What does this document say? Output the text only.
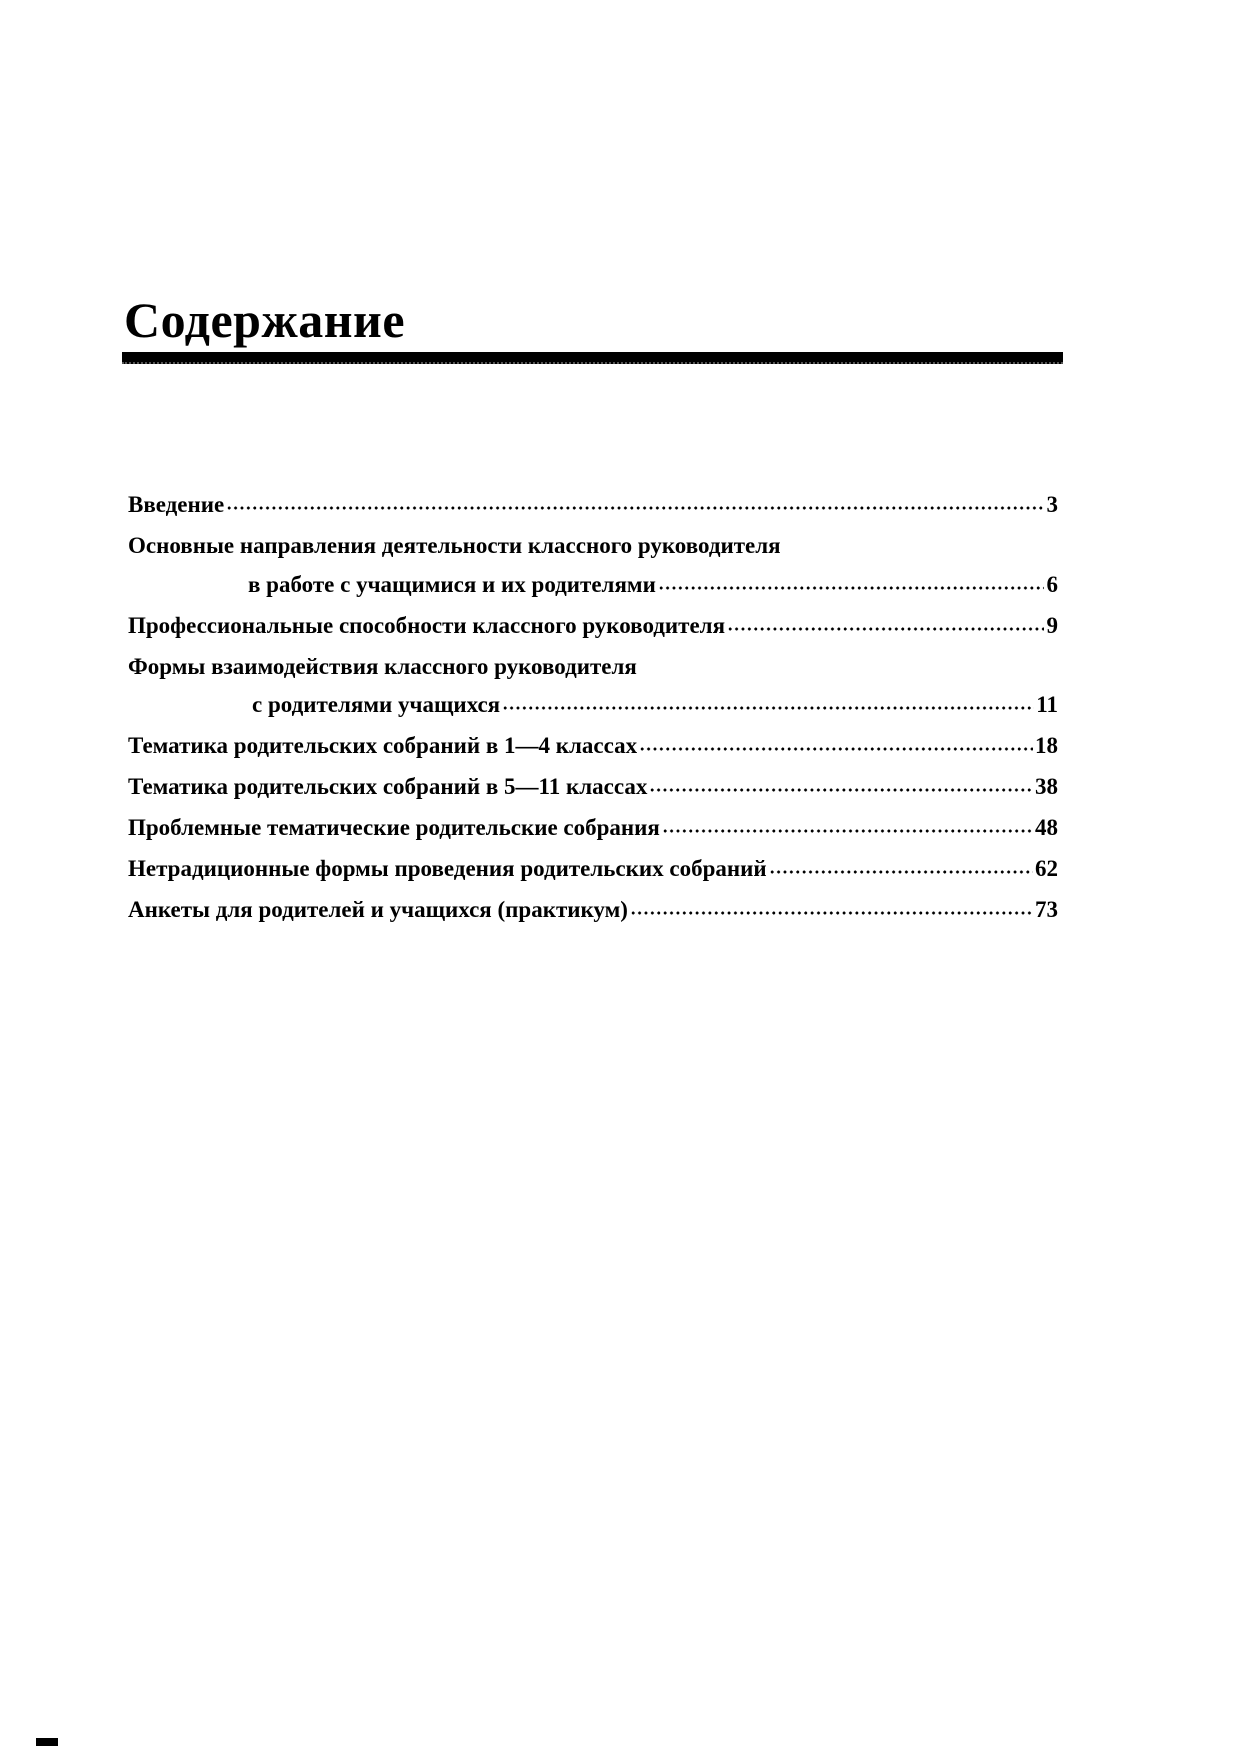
Содержание
Введение	3
Основные направления деятельности классного руководителя
в работе с учащимися и их родителями	6
Профессиональные способности классного руководителя	9
Формы взаимодействия классного руководителя
с родителями учащихся	11
Тематика родительских собраний в 1—4 классах	18
Тематика родительских собраний в 5—11 классах	38
Проблемные тематические родительские собрания	48
Нетрадиционные формы проведения родительских собраний	62
Анкеты для родителей и учащихся (практикум)	73
